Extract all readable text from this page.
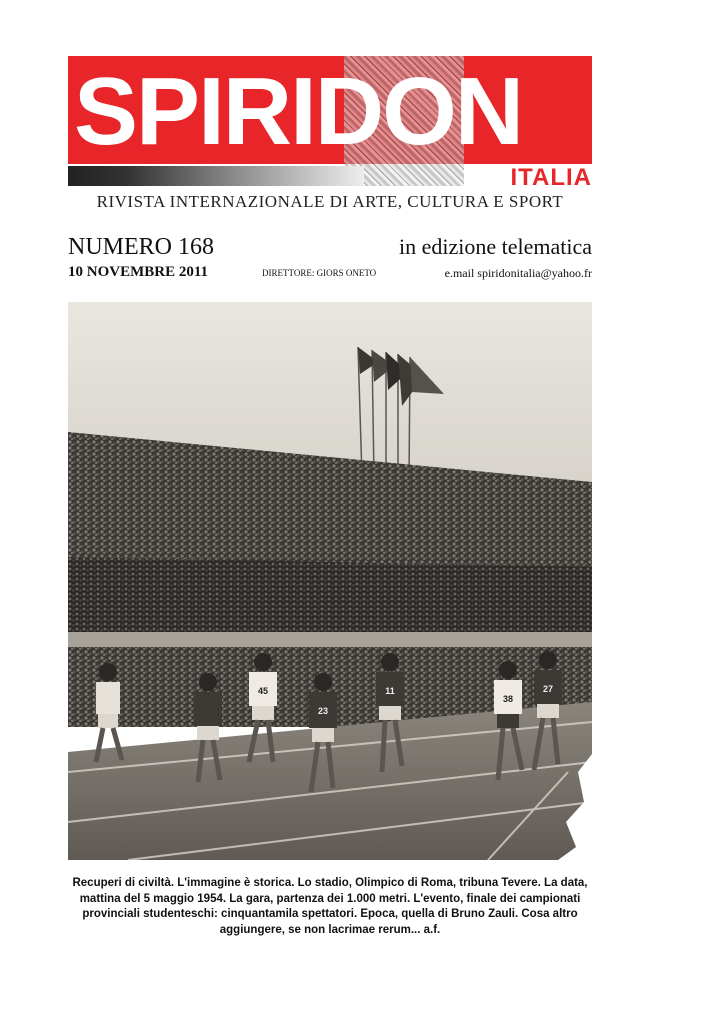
SPIRIDON
ITALIA
RIVISTA INTERNAZIONALE DI ARTE, CULTURA E SPORT
NUMERO 168	in edizione telematica
10 NOVEMBRE 2011	DIRETTORE: GIORS ONETO	e.mail spiridonitalia@yahoo.fr
45
23
11
38
27
Recuperi di civiltà. L'immagine è storica. Lo stadio, Olimpico di Roma, tribuna Tevere. La data, mattina del 5 maggio 1954. La gara, partenza dei 1.000 metri. L'evento, finale dei campionati provinciali studenteschi: cinquantamila spettatori. Epoca, quella di Bruno Zauli. Cosa altro aggiungere, se non lacrimae rerum... a.f.
